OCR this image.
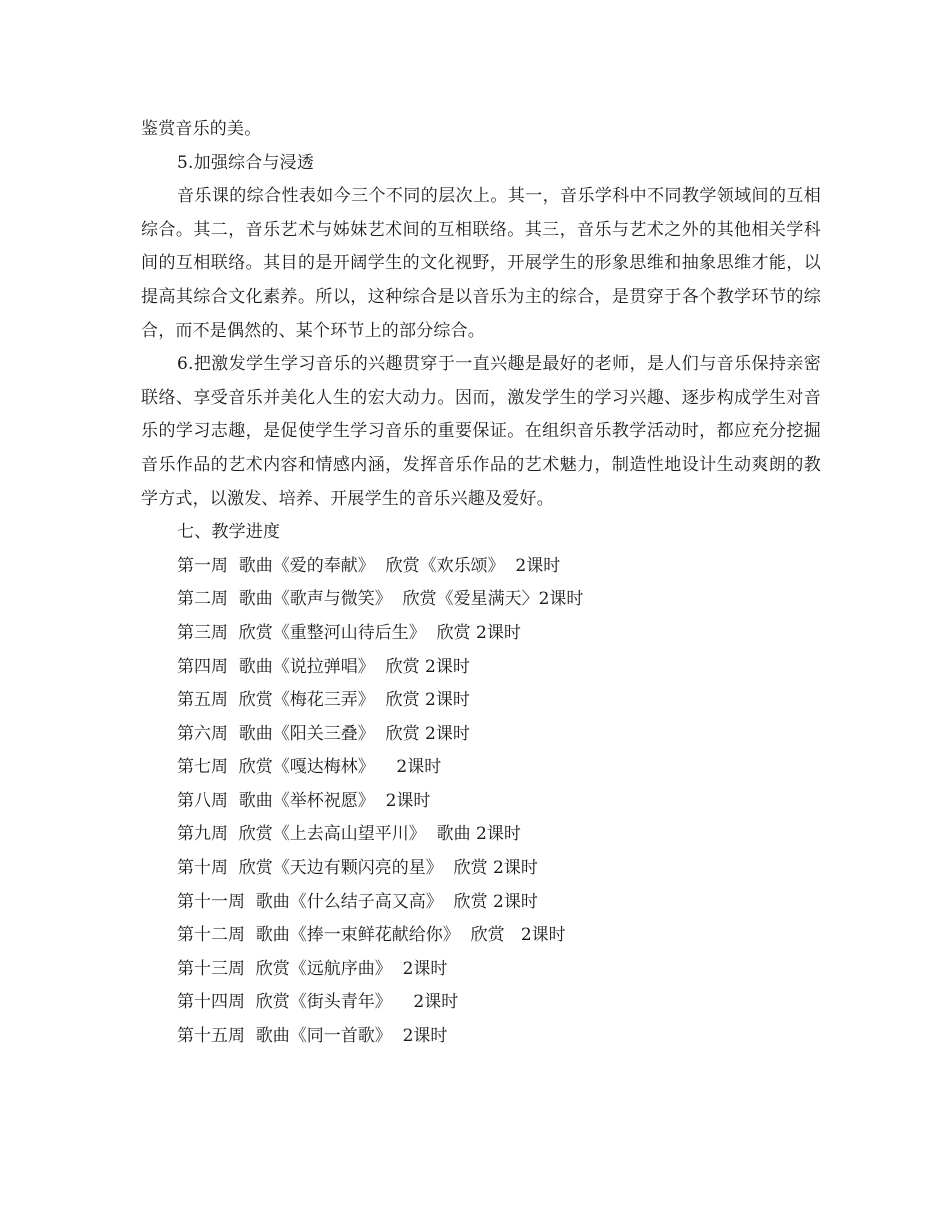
鉴赏音乐的美。

5.加强综合与浸透

音乐课的综合性表如今三个不同的层次上。其一，音乐学科中不同教学领域间的互相综合。其二，音乐艺术与姊妹艺术间的互相联络。其三，音乐与艺术之外的其他相关学科间的互相联络。其目的是开阔学生的文化视野，开展学生的形象思维和抽象思维才能，以提高其综合文化素养。所以，这种综合是以音乐为主的综合，是贯穿于各个教学环节的综合，而不是偶然的、某个环节上的部分综合。

6.把激发学生学习音乐的兴趣贯穿于一直兴趣是最好的老师，是人们与音乐保持亲密联络、享受音乐并美化人生的宏大动力。因而，激发学生的学习兴趣、逐步构成学生对音乐的学习志趣，是促使学生学习音乐的重要保证。在组织音乐教学活动时，都应充分挖掘音乐作品的艺术内容和情感内涵，发挥音乐作品的艺术魅力，制造性地设计生动爽朗的教学方式，以激发、培养、开展学生的音乐兴趣及爱好。

七、教学进度

第一周  歌曲《爱的奉献》  欣赏《欢乐颂》  2课时

第二周  歌曲《歌声与微笑》  欣赏《爱星满天〉2课时

第三周  欣赏《重整河山待后生》  欣赏 2课时

第四周  歌曲《说拉弹唱》  欣赏 2课时

第五周  欣赏《梅花三弄》  欣赏 2课时

第六周  歌曲《阳关三叠》  欣赏 2课时

第七周  欣赏《嘎达梅林》    2课时

第八周  歌曲《举杯祝愿》  2课时

第九周  欣赏《上去高山望平川》  歌曲 2课时

第十周  欣赏《天边有颗闪亮的星》  欣赏 2课时

第十一周  歌曲《什么结子高又高》  欣赏 2课时

第十二周  歌曲《捧一束鲜花献给你》  欣赏   2课时

第十三周  欣赏《远航序曲》  2课时

第十四周  欣赏《街头青年》    2课时

第十五周  歌曲《同一首歌》  2课时
